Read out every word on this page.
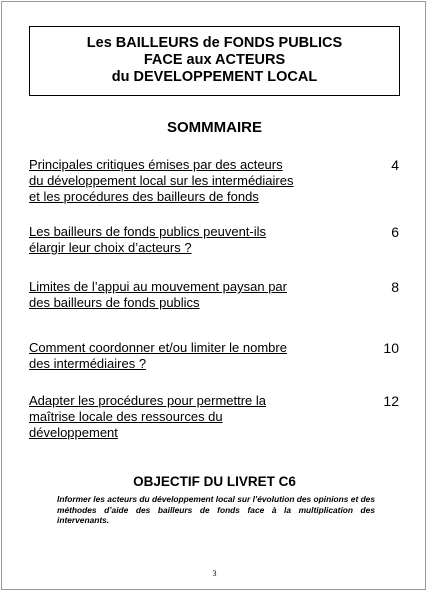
Les BAILLEURS de FONDS PUBLICS
FACE aux ACTEURS
du DEVELOPPEMENT LOCAL
SOMMMAIRE
Principales critiques émises par des acteurs
du développement local sur les intermédiaires
et les procédures des bailleurs de fonds
4
Les bailleurs de fonds publics peuvent-ils
élargir leur choix d’acteurs ?
6
Limites de l’appui au mouvement paysan par
des bailleurs de fonds publics
8
Comment coordonner et/ou limiter le nombre
des intermédiaires ?
10
Adapter les procédures pour permettre la
maîtrise locale des ressources du
développement
12
OBJECTIF DU LIVRET C6
Informer les acteurs du développement local sur l’évolution des opinions et des méthodes d’aide des bailleurs de fonds face à la multiplication des intervenants.
3
